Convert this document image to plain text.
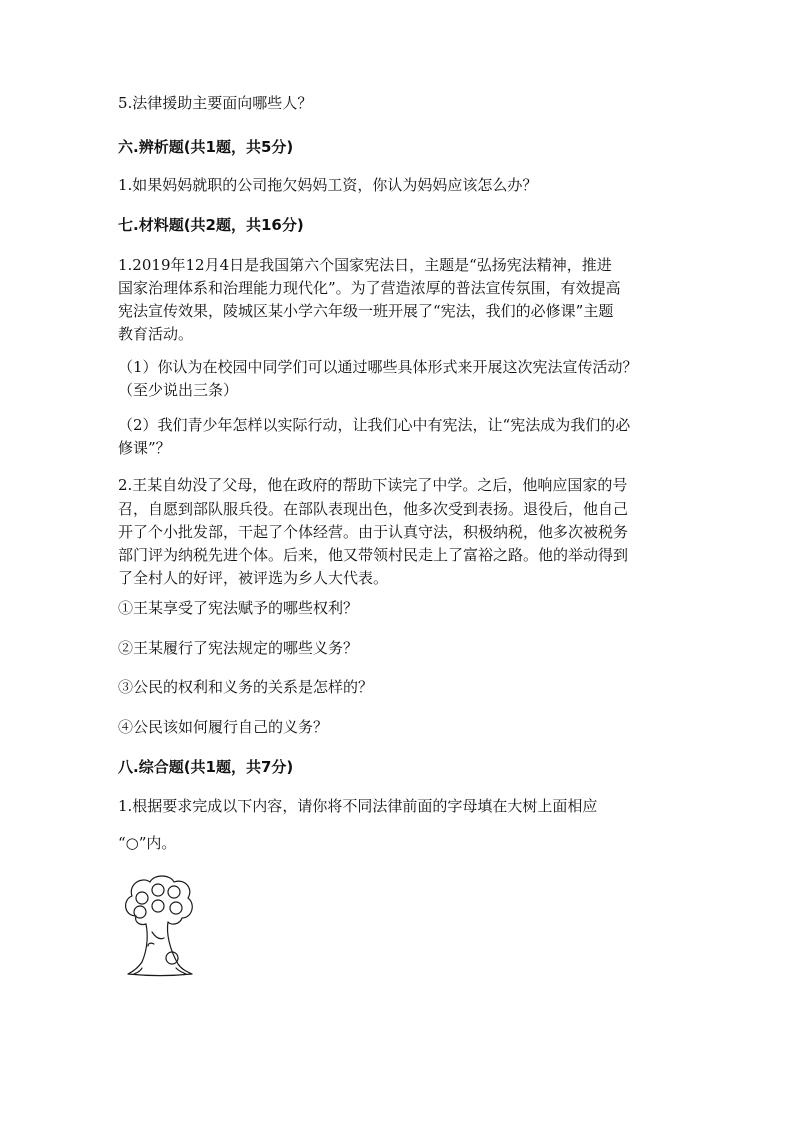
5.法律援助主要面向哪些人？
六.辨析题(共1题，共5分)
1.如果妈妈就职的公司拖欠妈妈工资，你认为妈妈应该怎么办？
七.材料题(共2题，共16分)
1.2019年12月4日是我国第六个国家宪法日，主题是“弘扬宪法精神，推进
国家治理体系和治理能力现代化”。为了营造浓厚的普法宣传氛围，有效提高
宪法宣传效果，陵城区某小学六年级一班开展了“宪法，我们的必修课”主题
教育活动。
（1）你认为在校园中同学们可以通过哪些具体形式来开展这次宪法宣传活动？
（至少说出三条）
（2）我们青少年怎样以实际行动，让我们心中有宪法，让“宪法成为我们的必
修课”？
2.王某自幼没了父母，他在政府的帮助下读完了中学。之后，他响应国家的号
召，自愿到部队服兵役。在部队表现出色，他多次受到表扬。退役后，他自己
开了个小批发部，干起了个体经营。由于认真守法，积极纳税，他多次被税务
部门评为纳税先进个体。后来，他又带领村民走上了富裕之路。他的举动得到
了全村人的好评，被评选为乡人大代表。
①王某享受了宪法赋予的哪些权利？
②王某履行了宪法规定的哪些义务？
③公民的权利和义务的关系是怎样的？
④公民该如何履行自己的义务？
八.综合题(共1题，共7分)
1.根据要求完成以下内容，请你将不同法律前面的字母填在大树上面相应
“○”内。
